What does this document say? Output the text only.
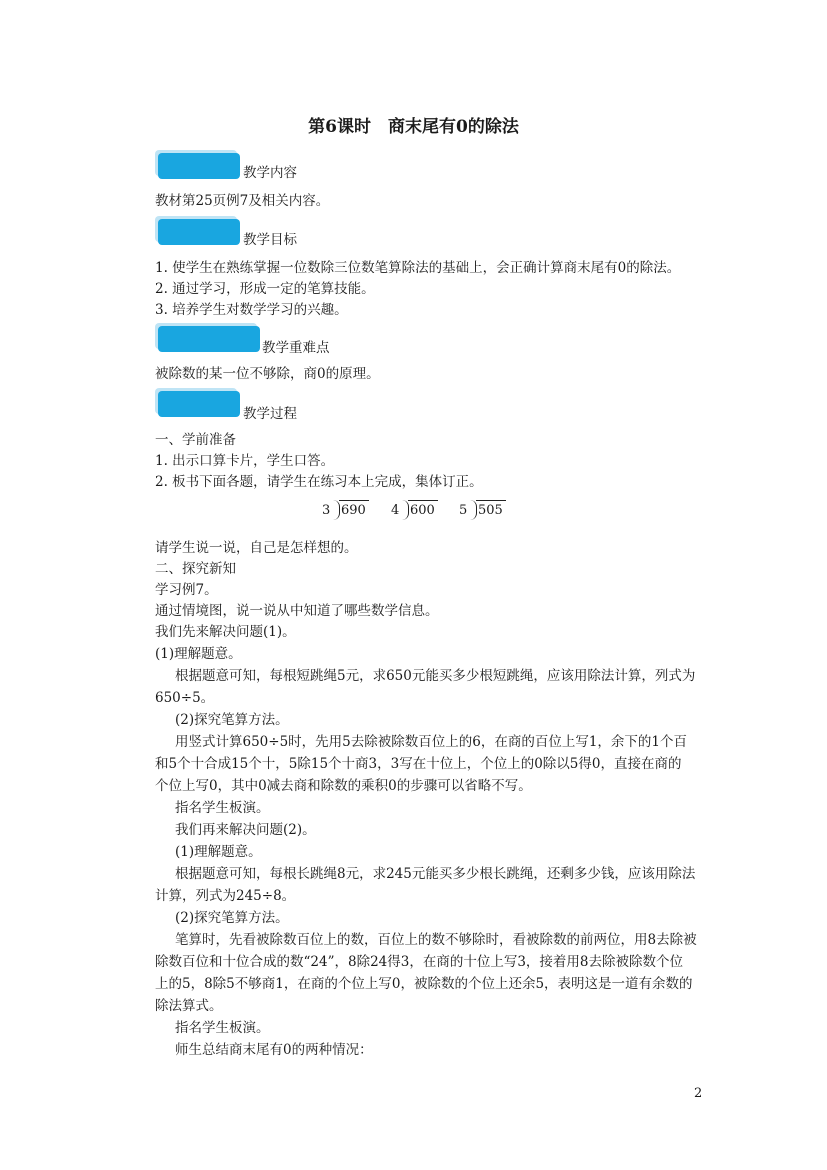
第6课时　商末尾有0的除法
教学内容
教材第25页例7及相关内容。
教学目标
1. 使学生在熟练掌握一位数除三位数笔算除法的基础上，会正确计算商末尾有0的除法。
2. 通过学习，形成一定的笔算技能。
3. 培养学生对数学学习的兴趣。
教学重难点
被除数的某一位不够除，商0的原理。
教学过程
一、学前准备
1. 出示口算卡片，学生口答。
2. 板书下面各题，请学生在练习本上完成，集体订正。
3 690 4 600 5 505
请学生说一说，自己是怎样想的。
二、探究新知
学习例7。
通过情境图，说一说从中知道了哪些数学信息。
我们先来解决问题(1)。
(1)理解题意。
根据题意可知，每根短跳绳5元，求650元能买多少根短跳绳，应该用除法计算，列式为
650÷5。
(2)探究笔算方法。
用竖式计算650÷5时，先用5去除被除数百位上的6，在商的百位上写1，余下的1个百
和5个十合成15个十，5除15个十商3，3写在十位上，个位上的0除以5得0，直接在商的
个位上写0，其中0减去商和除数的乘积0的步骤可以省略不写。
指名学生板演。
我们再来解决问题(2)。
(1)理解题意。
根据题意可知，每根长跳绳8元，求245元能买多少根长跳绳，还剩多少钱，应该用除法
计算，列式为245÷8。
(2)探究笔算方法。
笔算时，先看被除数百位上的数，百位上的数不够除时，看被除数的前两位，用8去除被
除数百位和十位合成的数“24”，8除24得3，在商的十位上写3，接着用8去除被除数个位
上的5，8除5不够商1，在商的个位上写0，被除数的个位上还余5，表明这是一道有余数的
除法算式。
指名学生板演。
师生总结商末尾有0的两种情况：
2
